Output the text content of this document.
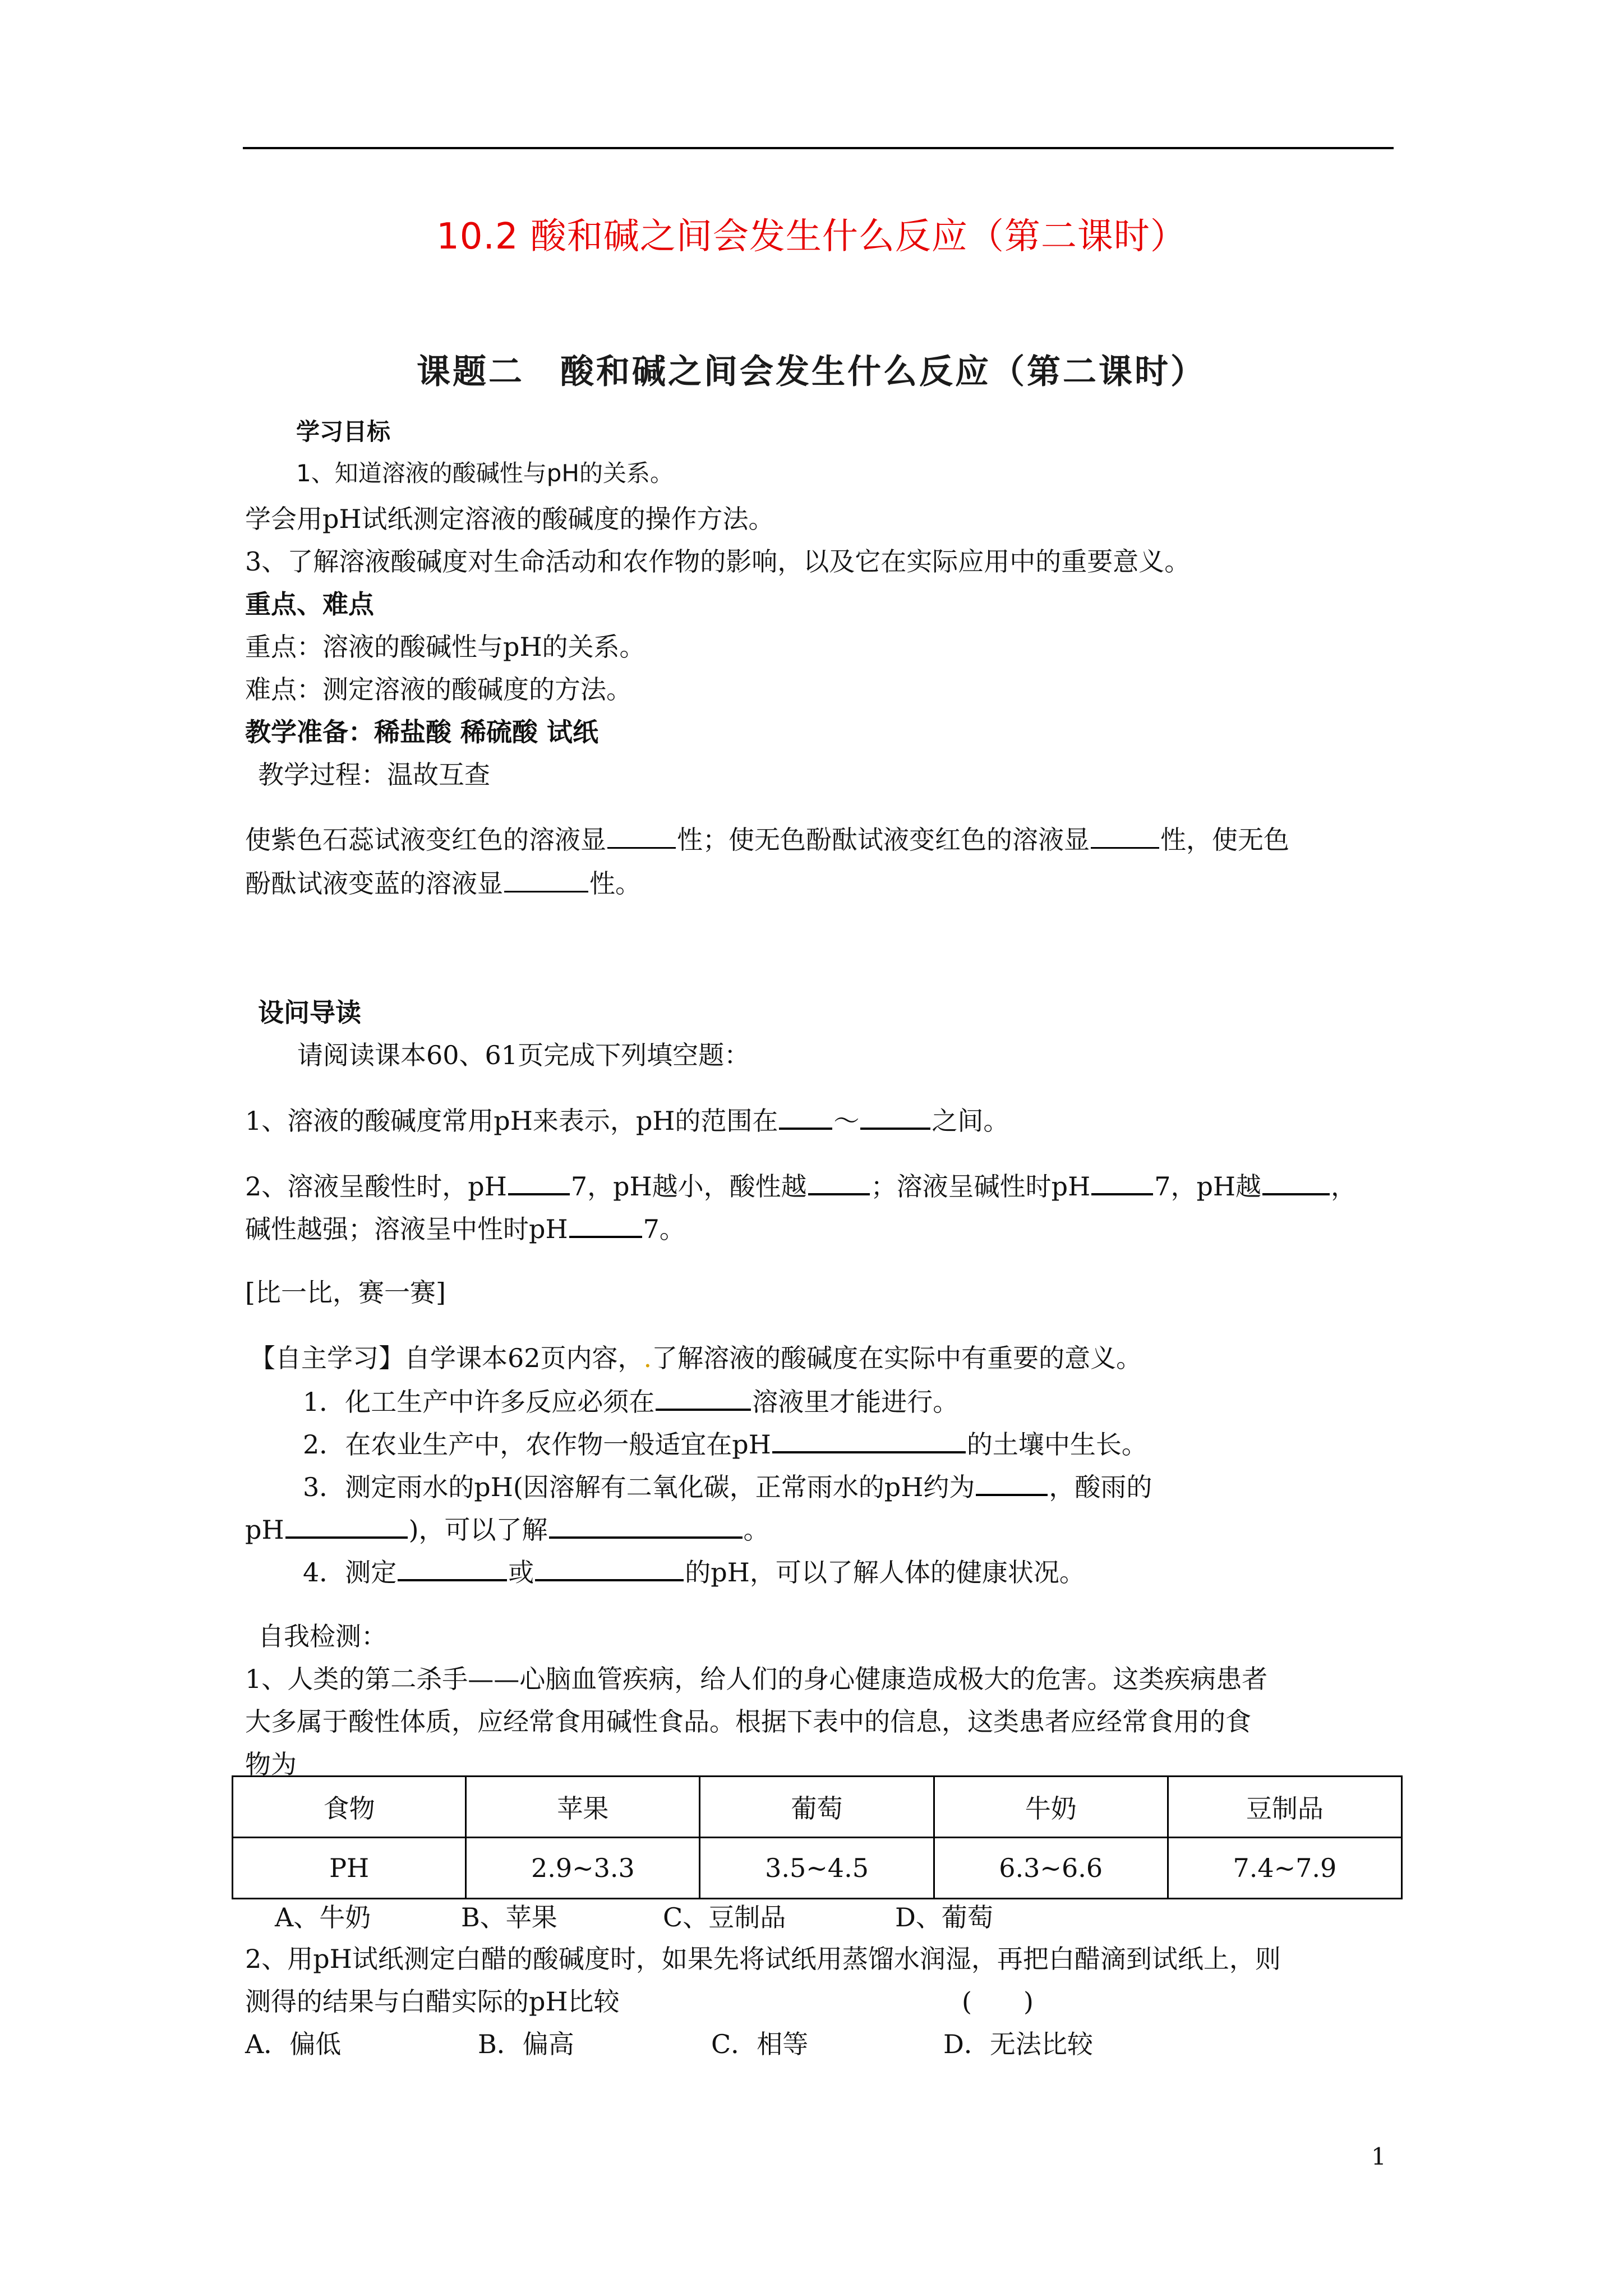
10.2 酸和碱之间会发生什么反应（第二课时）
课题二　酸和碱之间会发生什么反应（第二课时）
学习目标
1、知道溶液的酸碱性与pH的关系。
学会用pH试纸测定溶液的酸碱度的操作方法。
3、了解溶液酸碱度对生命活动和农作物的影响，以及它在实际应用中的重要意义。
重点、难点
重点：溶液的酸碱性与pH的关系。
难点：测定溶液的酸碱度的方法。
教学准备：稀盐酸 稀硫酸 试纸
教学过程：温故互查
使紫色石蕊试液变红色的溶液显	性；使无色酚酞试液变红色的溶液显	性，使无色
酚酞试液变蓝的溶液显	性。
设问导读
请阅读课本60、61页完成下列填空题：
1、溶液的酸碱度常用pH来表示，pH的范围在 ～	之间。
2、溶液呈酸性时，pH 7，pH越小，酸性越 ；溶液呈碱性时pH 7，pH越	，
碱性越强；溶液呈中性时pH	7。
[比一比，赛一赛]
【自主学习】自学课本62页内容，.了解溶液的酸碱度在实际中有重要的意义。
1．化工生产中许多反应必须在	溶液里才能进行。
2．在农业生产中，农作物一般适宜在pH	的土壤中生长。
3．测定雨水的pH(因溶解有二氧化碳，正常雨水的pH约为	，酸雨的
pH	)，可以了解	。
4．测定	或	的pH，可以了解人体的健康状况。
自我检测：
1、人类的第二杀手——心脑血管疾病，给人们的身心健康造成极大的危害。这类疾病患者
大多属于酸性体质，应经常食用碱性食品。根据下表中的信息，这类患者应经常食用的食
物为
食物	苹果	葡萄	牛奶	豆制品
PH	2.9~3.3	3.5~4.5	6.3~6.6	7.4~7.9
A、牛奶	B、苹果	C、豆制品	D、葡萄
2、用pH试纸测定白醋的酸碱度时，如果先将试纸用蒸馏水润湿，再把白醋滴到试纸上，则
测得的结果与白醋实际的pH比较	(　　)
A．偏低	B．偏高	C．相等	D．无法比较
1
